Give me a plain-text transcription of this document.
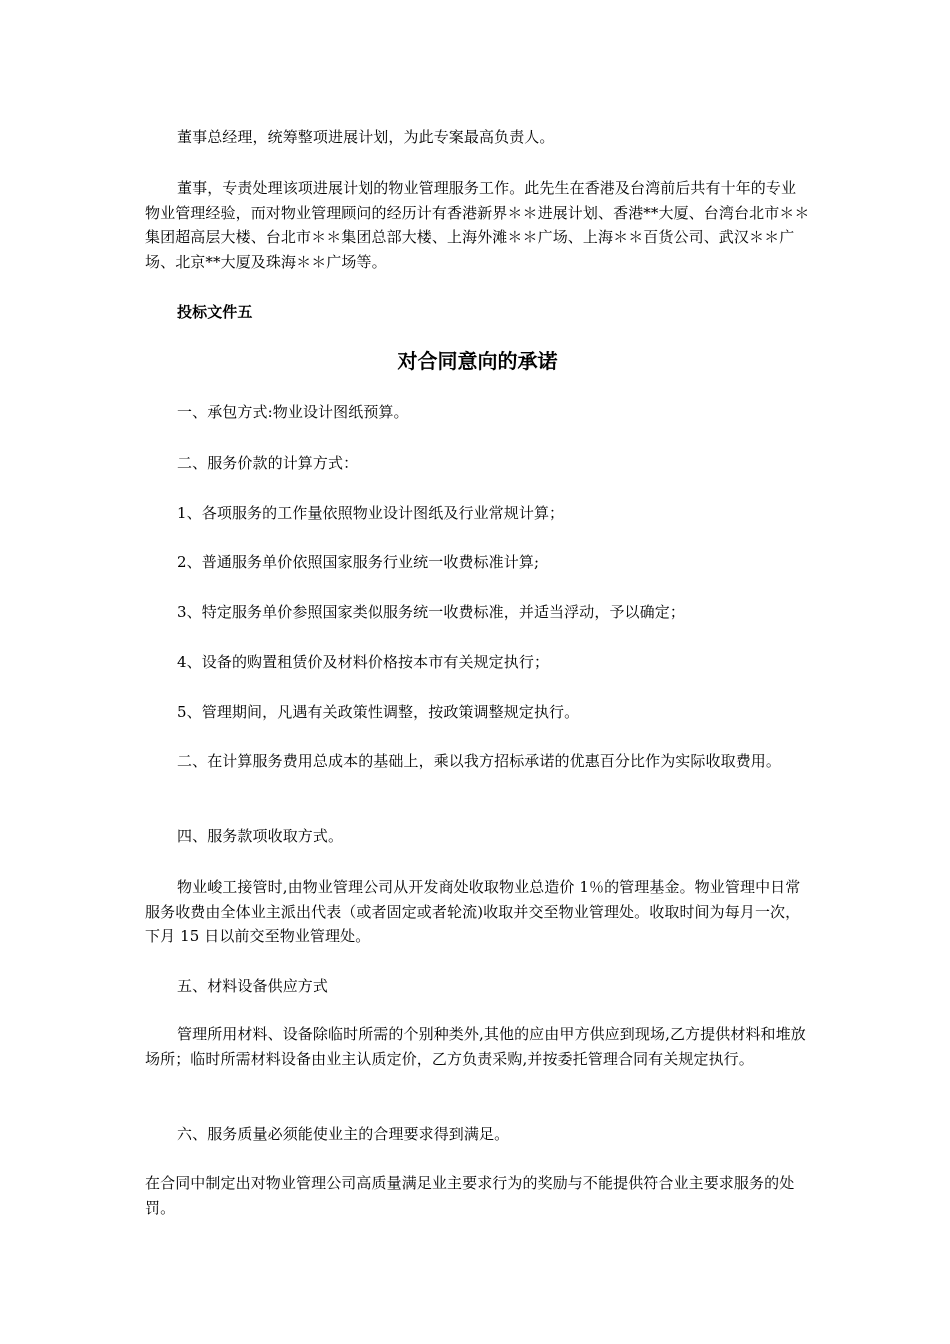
董事总经理，统筹整项进展计划，为此专案最高负责人。

董事，专责处理该项进展计划的物业管理服务工作。此先生在香港及台湾前后共有十年的专业物业管理经验，而对物业管理顾问的经历计有香港新界＊＊进展计划、香港**大厦、台湾台北市＊＊集团超高层大楼、台北市＊＊集团总部大楼、上海外滩＊＊广场、上海＊＊百货公司、武汉＊＊广场、北京**大厦及珠海＊＊广场等。

投标文件五

对合同意向的承诺

一、承包方式:物业设计图纸预算。

二、服务价款的计算方式：

1、各项服务的工作量依照物业设计图纸及行业常规计算；

2、普通服务单价依照国家服务行业统一收费标准计算;

3、特定服务单价参照国家类似服务统一收费标准，并适当浮动，予以确定；

4、设备的购置租赁价及材料价格按本市有关规定执行；

5、管理期间，凡遇有关政策性调整，按政策调整规定执行。

二、在计算服务费用总成本的基础上，乘以我方招标承诺的优惠百分比作为实际收取费用。

四、服务款项收取方式。

物业峻工接管时,由物业管理公司从开发商处收取物业总造价 1％的管理基金。物业管理中日常服务收费由全体业主派出代表（或者固定或者轮流)收取并交至物业管理处。收取时间为每月一次，下月 15 日以前交至物业管理处。

五、材料设备供应方式

管理所用材料、设备除临时所需的个别种类外,其他的应由甲方供应到现场,乙方提供材料和堆放场所；临时所需材料设备由业主认质定价，乙方负责采购,并按委托管理合同有关规定执行。

六、服务质量必须能使业主的合理要求得到满足。

在合同中制定出对物业管理公司高质量满足业主要求行为的奖励与不能提供符合业主要求服务的处罚。
